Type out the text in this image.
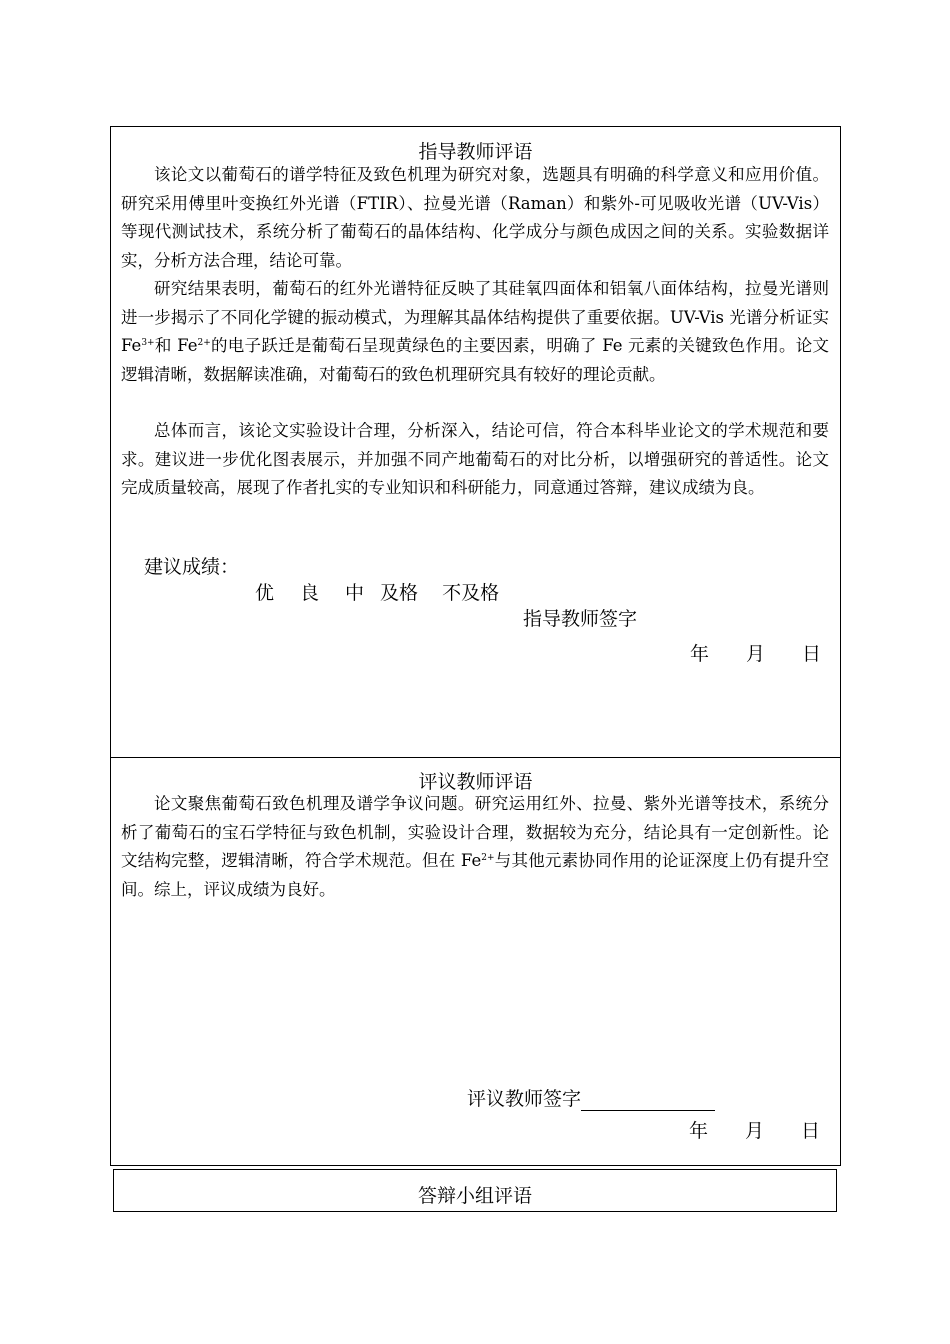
指导教师评语

该论文以葡萄石的谱学特征及致色机理为研究对象，选题具有明确的科学意义和应用价值。研究采用傅里叶变换红外光谱（FTIR）、拉曼光谱（Raman）和紫外-可见吸收光谱（UV-Vis）等现代测试技术，系统分析了葡萄石的晶体结构、化学成分与颜色成因之间的关系。实验数据详实，分析方法合理，结论可靠。

研究结果表明，葡萄石的红外光谱特征反映了其硅氧四面体和铝氧八面体结构，拉曼光谱则进一步揭示了不同化学键的振动模式，为理解其晶体结构提供了重要依据。UV-Vis 光谱分析证实 $Fe^{3+}$和 $Fe^{2+}$的电子跃迁是葡萄石呈现黄绿色的主要因素，明确了 Fe 元素的关键致色作用。论文逻辑清晰，数据解读准确，对葡萄石的致色机理研究具有较好的理论贡献。

总体而言，该论文实验设计合理，分析深入，结论可信，符合本科毕业论文的学术规范和要求。建议进一步优化图表展示，并加强不同产地葡萄石的对比分析，以增强研究的普适性。论文完成质量较高，展现了作者扎实的专业知识和科研能力，同意通过答辩，建议成绩为良。

建议成绩：
优 良 中 及格 不及格
指导教师签字
年 月 日
评议教师评语

论文聚焦葡萄石致色机理及谱学争议问题。研究运用红外、拉曼、紫外光谱等技术，系统分析了葡萄石的宝石学特征与致色机制，实验设计合理，数据较为充分，结论具有一定创新性。论文结构完整，逻辑清晰，符合学术规范。但在 $Fe^{2+}$与其他元素协同作用的论证深度上仍有提升空间。综上，评议成绩为良好。

评议教师签字
年 月 日
答辩小组评语
